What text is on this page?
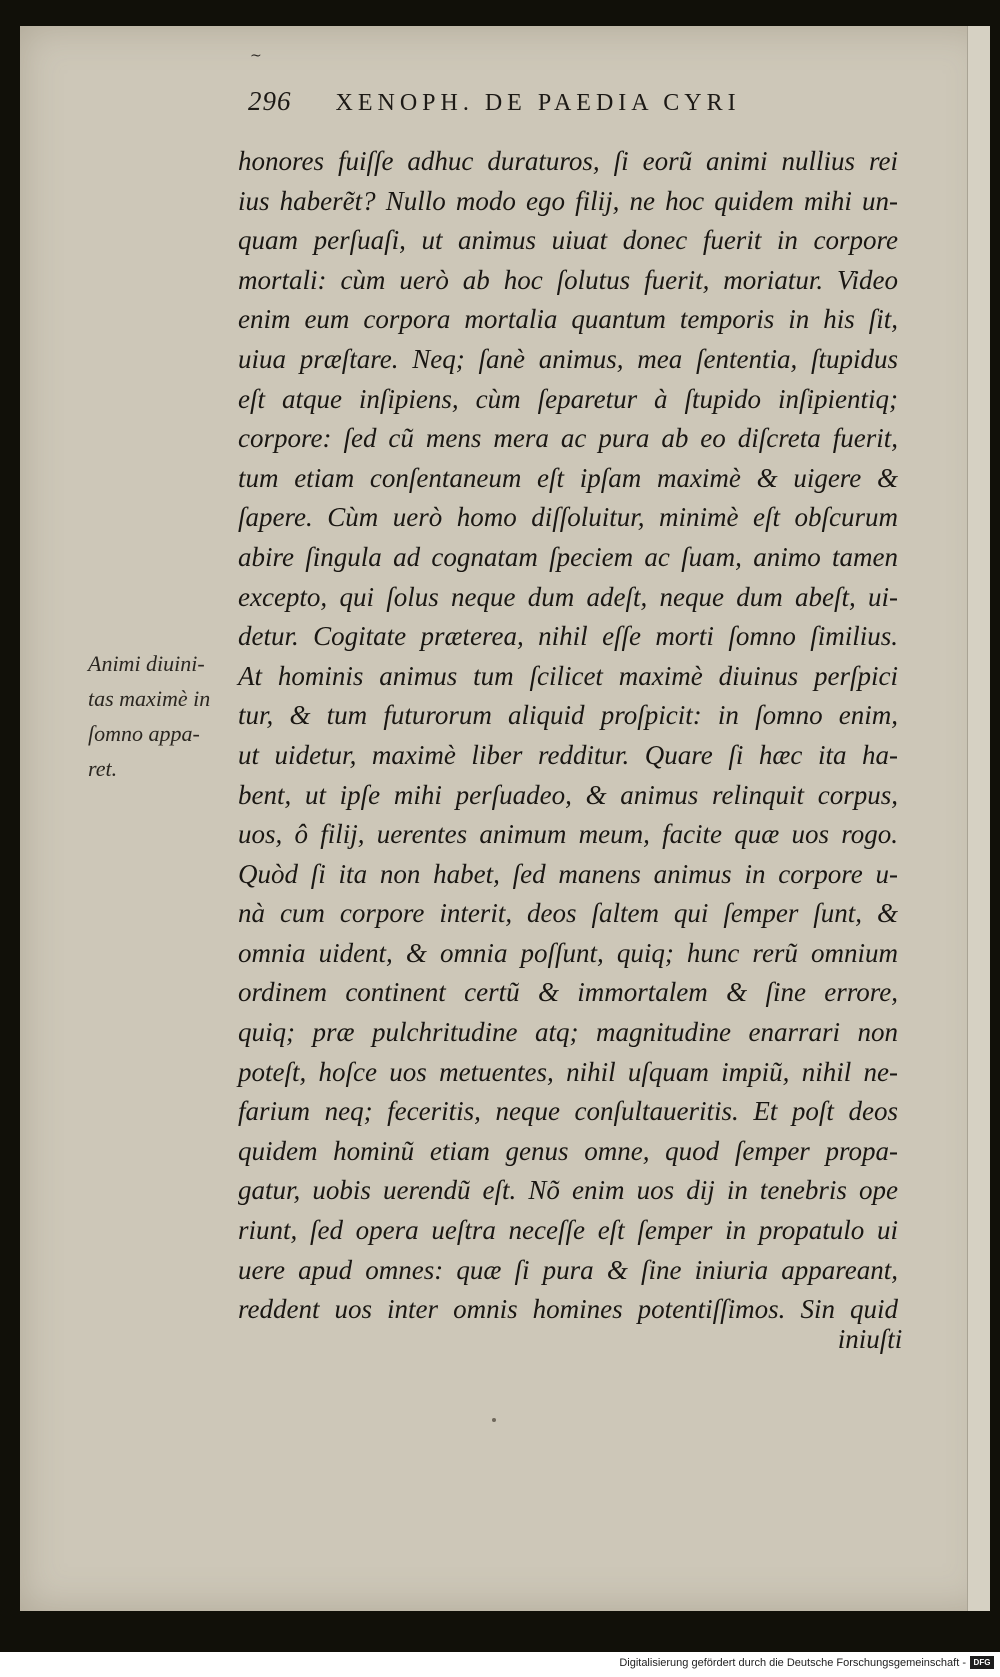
~
296 XENOPH. DE PAEDIA CYRI
honores fuiſſe adhuc duraturos, ſi eorũ animi nullius rei
ius haberẽt? Nullo modo ego filij, ne hoc quidem mihi un-
quam perſuaſi, ut animus uiuat donec fuerit in corpore
mortali: cùm uerò ab hoc ſolutus fuerit, moriatur. Video
enim eum corpora mortalia quantum temporis in his ſit,
uiua præſtare. Neq; ſanè animus, mea ſententia, ſtupidus
eſt atque inſipiens, cùm ſeparetur à ſtupido inſipientiq;
corpore: ſed cũ mens mera ac pura ab eo diſcreta fuerit,
tum etiam conſentaneum eſt ipſam maximè & uigere &
ſapere. Cùm uerò homo diſſoluitur, minimè eſt obſcurum
abire ſingula ad cognatam ſpeciem ac ſuam, animo tamen
excepto, qui ſolus neque dum adeſt, neque dum abeſt, ui-
detur. Cogitate præterea, nihil eſſe morti ſomno ſimilius.
At hominis animus tum ſcilicet maximè diuinus perſpici
tur, & tum futurorum aliquid proſpicit: in ſomno enim,
ut uidetur, maximè liber redditur. Quare ſi hæc ita ha-
bent, ut ipſe mihi perſuadeo, & animus relinquit corpus,
uos, ô filij, uerentes animum meum, facite quæ uos rogo.
Quòd ſi ita non habet, ſed manens animus in corpore u-
nà cum corpore interit, deos ſaltem qui ſemper ſunt, &
omnia uident, & omnia poſſunt, quiq; hunc rerũ omnium
ordinem continent certũ & immortalem & ſine errore,
quiq; præ pulchritudine atq; magnitudine enarrari non
poteſt, hoſce uos metuentes, nihil uſquam impiũ, nihil ne-
farium neq; feceritis, neque conſultaueritis. Et poſt deos
quidem hominũ etiam genus omne, quod ſemper propa-
gatur, uobis uerendũ eſt. Nõ enim uos dij in tenebris ope
riunt, ſed opera ueſtra neceſſe eſt ſemper in propatulo ui
uere apud omnes: quæ ſi pura & ſine iniuria appareant,
reddent uos inter omnis homines potentiſſimos. Sin quid
iniuſti
Animi diuini-
tas maximè in
ſomno appa-
ret.
Digitalisierung gefördert durch die Deutsche Forschungsgemeinschaft - DFG
